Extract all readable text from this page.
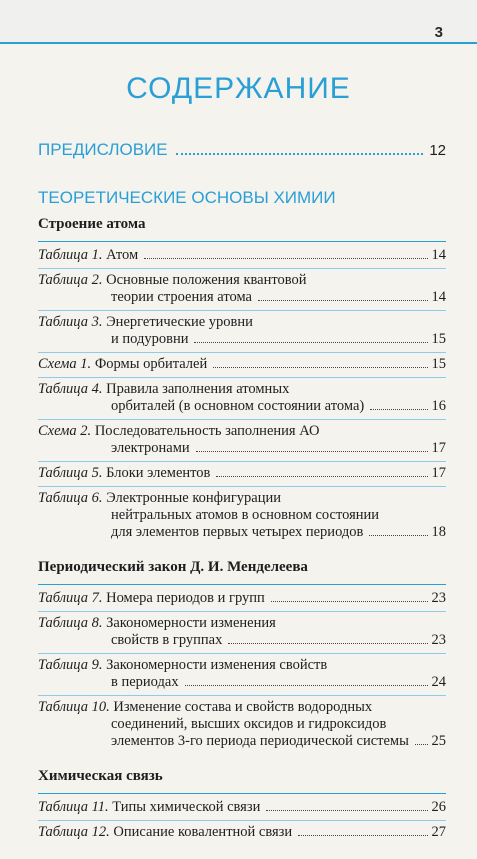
3
СОДЕРЖАНИЕ
ПРЕДИСЛОВИЕ	12
ТЕОРЕТИЧЕСКИЕ ОСНОВЫ ХИМИИ
Строение атома
Таблица 1. Атом	14
Таблица 2. Основные положения квантовой
теории строения атома	14
Таблица 3. Энергетические уровни
и подуровни	15
Схема 1. Формы орбиталей	15
Таблица 4. Правила заполнения атомных
орбиталей (в основном состоянии атома)	16
Схема 2. Последовательность заполнения АО
электронами	17
Таблица 5. Блоки элементов	17
Таблица 6. Электронные конфигурации
нейтральных атомов в основном состоянии
для элементов первых четырех периодов	18
Периодический закон Д. И. Менделеева
Таблица 7. Номера периодов и групп	23
Таблица 8. Закономерности изменения
свойств в группах	23
Таблица 9. Закономерности изменения свойств
в периодах	24
Таблица 10. Изменение состава и свойств водородных
соединений, высших оксидов и гидроксидов
элементов 3-го периода периодической системы 25
Химическая связь
Таблица 11. Типы химической связи	26
Таблица 12. Описание ковалентной связи	27
